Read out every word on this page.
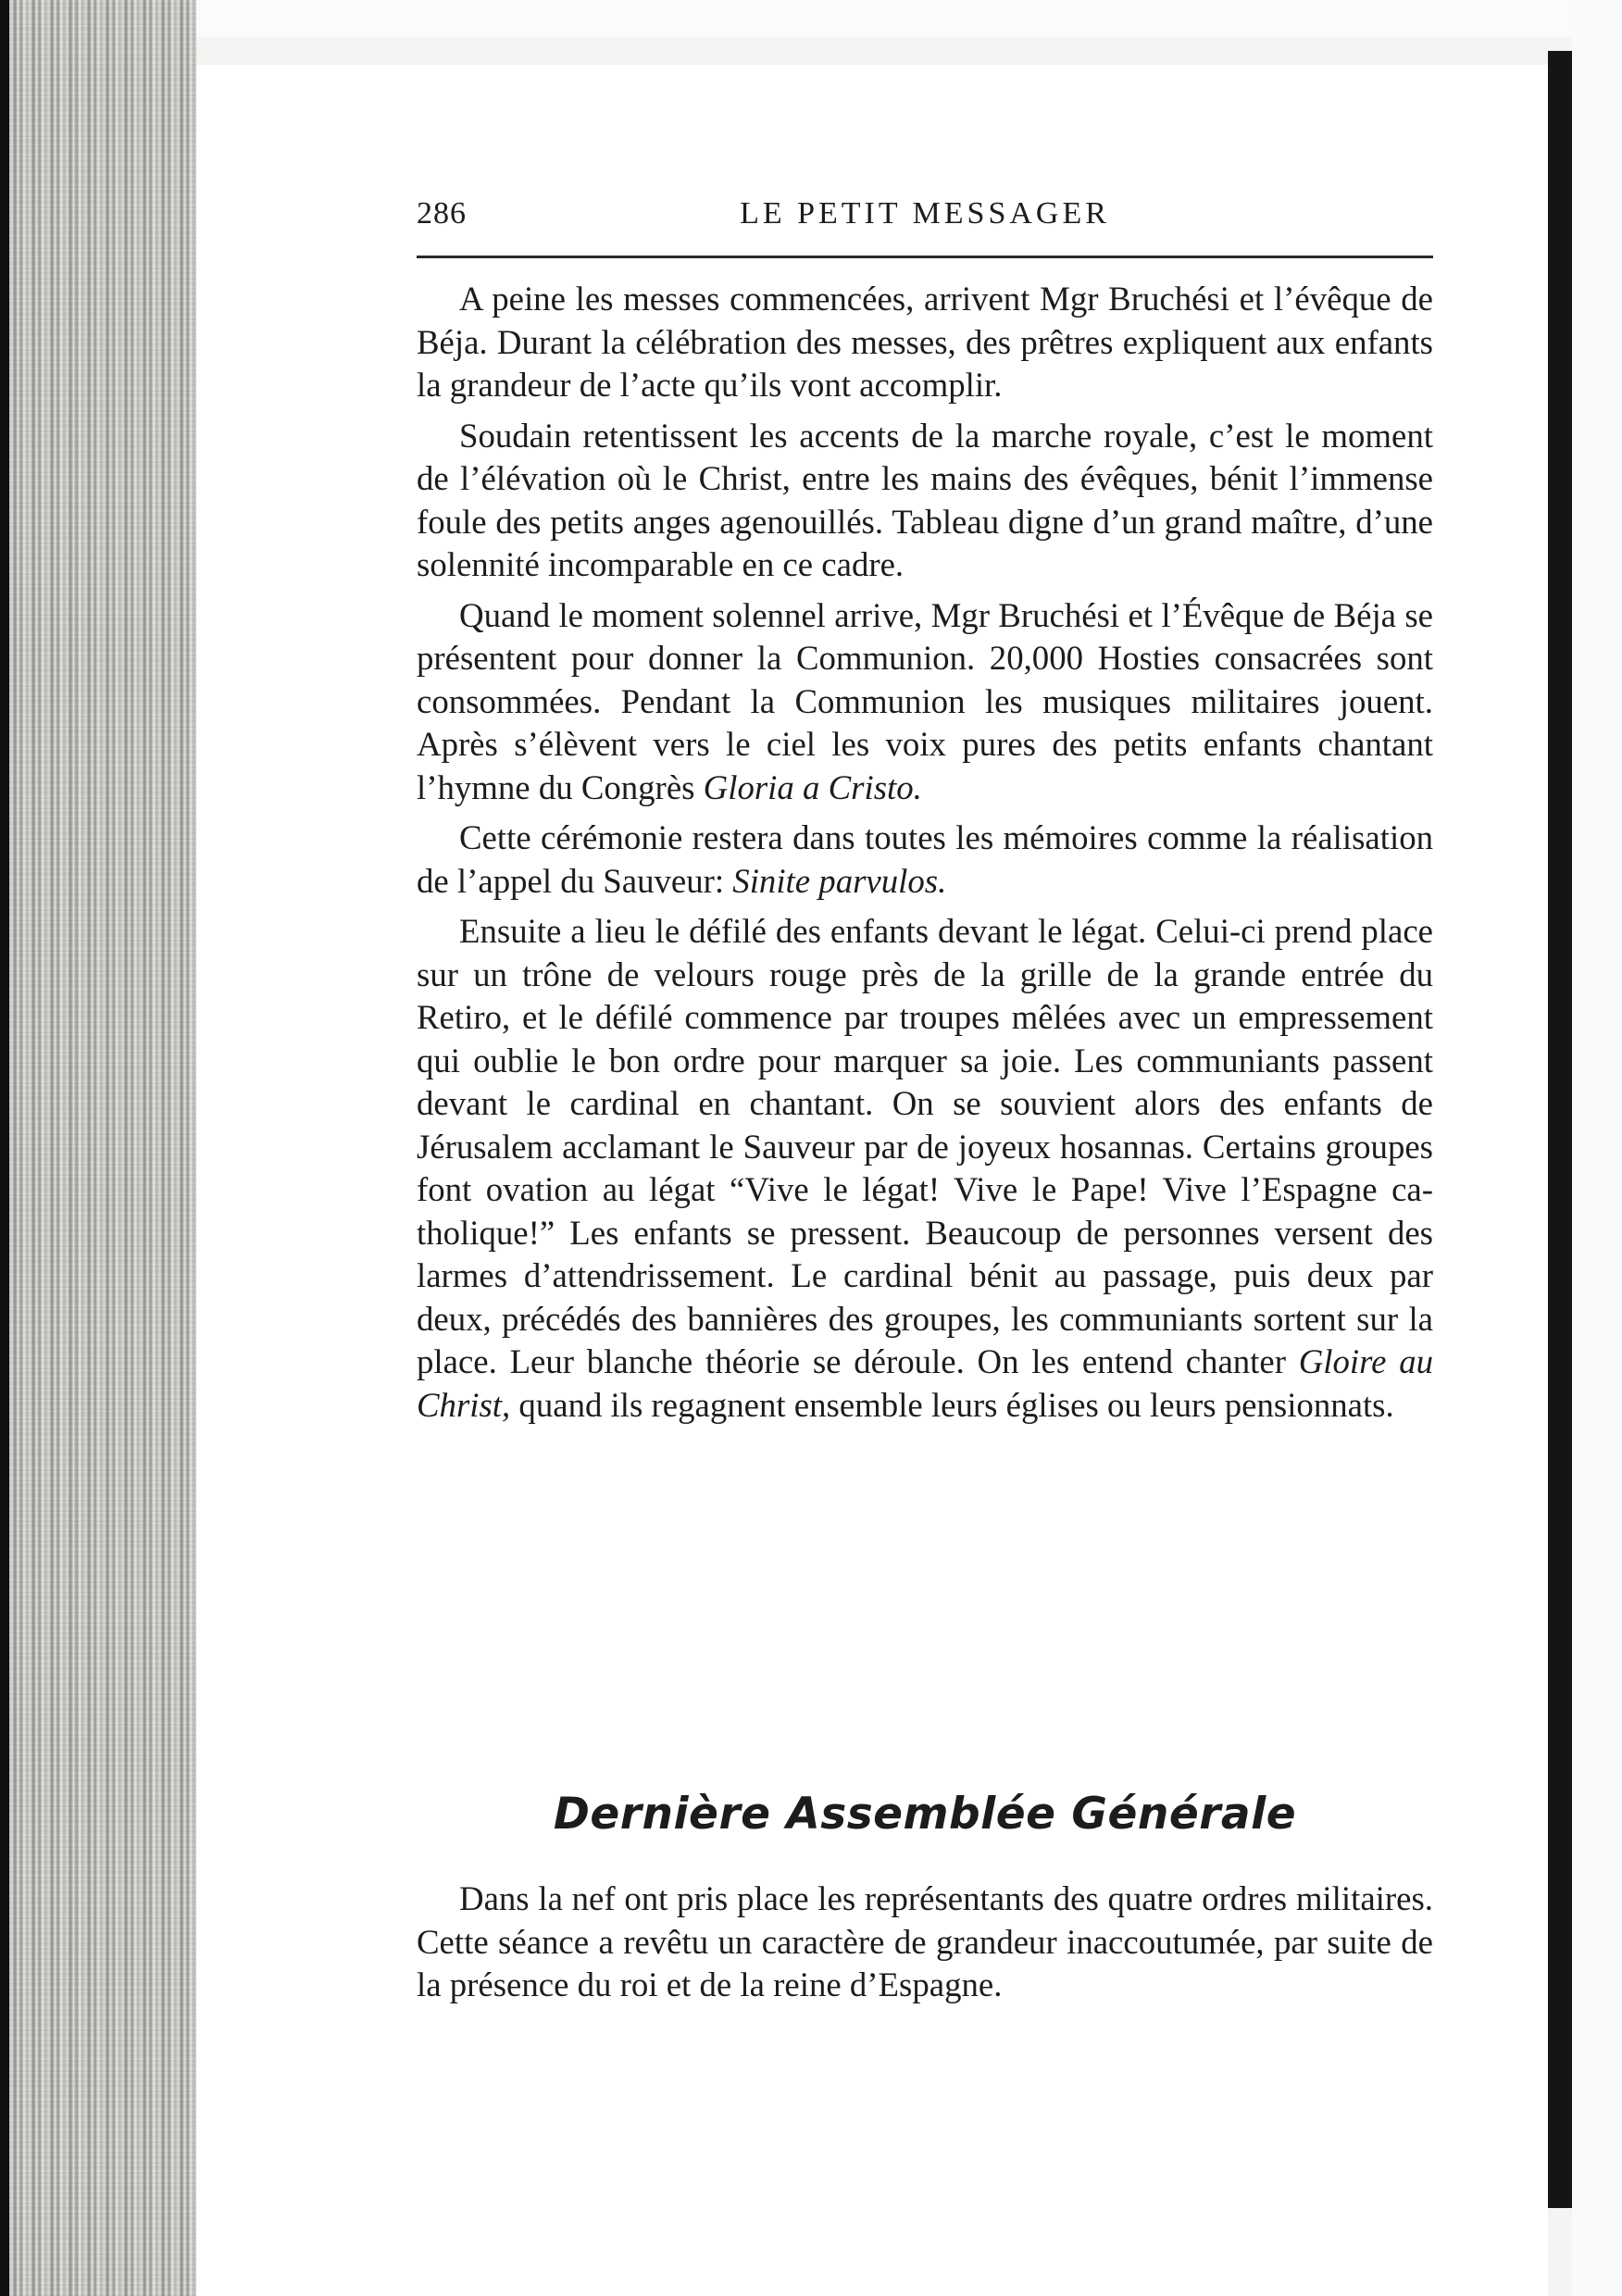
286	LE PETIT MESSAGER

A peine les messes commencées, arrivent Mgr Bruchési et l’évêque de Béja. Durant la célébration des messes, des prêtres expliquent aux enfants la grandeur de l’acte qu’ils vont accomplir.

Soudain retentissent les accents de la marche royale, c’est le moment de l’élévation où le Christ, entre les mains des évêques, bénit l’immense foule des petits anges agenouillés. Tableau digne d’un grand maître, d’une solennité incomparable en ce cadre.

Quand le moment solennel arrive, Mgr Bruchési et l’Évêque de Béja se présentent pour donner la Communion. 20,000 Hosties consacrées sont consommées. Pendant la Communion les musiques militaires jouent. Après s’élèvent vers le ciel les voix pures des petits enfants chantant l’hymne du Congrès Gloria a Cristo.

Cette cérémonie restera dans toutes les mémoires comme la réalisation de l’appel du Sauveur: Sinite parvulos.

Ensuite a lieu le défilé des enfants devant le légat. Celui-ci prend place sur un trône de velours rouge près de la grille de la grande entrée du Retiro, et le défilé commence par troupes mêlées avec un empressement qui oublie le bon ordre pour marquer sa joie. Les communiants passent devant le cardinal en chantant. On se souvient alors des enfants de Jérusalem acclamant le Sauveur par de joyeux hosannas. Certains groupes font ovation au légat “Vive le légat! Vive le Pape! Vive l’Espagne catholique!” Les enfants se pressent. Beaucoup de personnes versent des larmes d’attendrissement. Le cardinal bénit au passage, puis deux par deux, précédés des bannières des groupes, les communiants sortent sur la place. Leur blanche théorie se déroule. On les entend chanter Gloire au Christ, quand ils regagnent ensemble leurs églises ou leurs pensionnats.

Dernière Assemblée Générale

Dans la nef ont pris place les représentants des quatre ordres militaires. Cette séance a revêtu un caractère de grandeur inaccoutumée, par suite de la présence du roi et de la reine d’Espagne.
